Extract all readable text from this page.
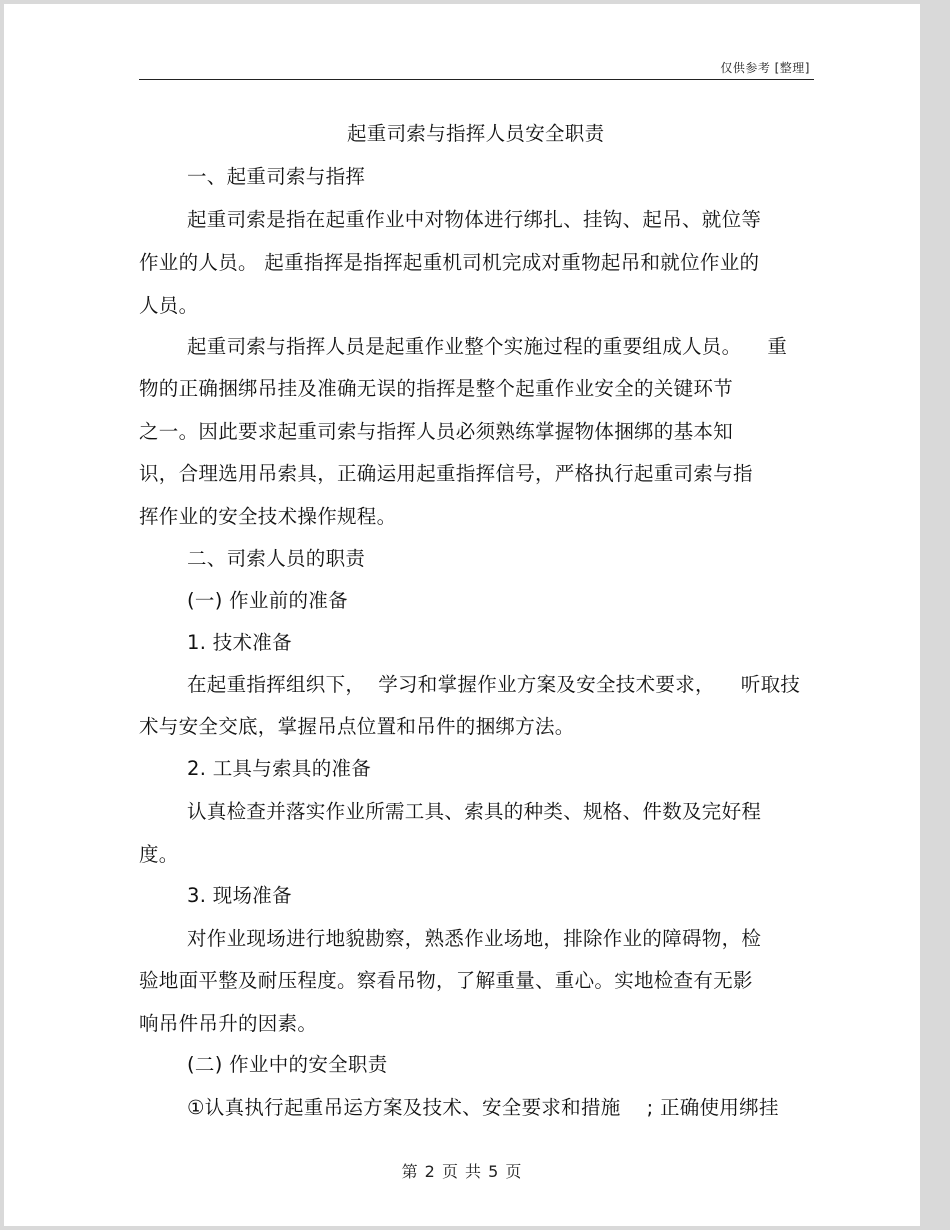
仅供参考 [整理]
起重司索与指挥人员安全职责
一、起重司索与指挥
起重司索是指在起重作业中对物体进行绑扎、挂钩、起吊、就位等
作业的人员。 起重指挥是指挥起重机司机完成对重物起吊和就位作业的
人员。
起重司索与指挥人员是起重作业整个实施过程的重要组成人员。    重
物的正确捆绑吊挂及准确无误的指挥是整个起重作业安全的关键环节
之一。因此要求起重司索与指挥人员必须熟练掌握物体捆绑的基本知
识，合理选用吊索具，正确运用起重指挥信号，严格执行起重司索与指
挥作业的安全技术操作规程。
二、司索人员的职责
(一) 作业前的准备
1. 技术准备
在起重指挥组织下，  学习和掌握作业方案及安全技术要求，    听取技
术与安全交底，掌握吊点位置和吊件的捆绑方法。
2. 工具与索具的准备
认真检查并落实作业所需工具、索具的种类、规格、件数及完好程
度。
3. 现场准备
对作业现场进行地貌勘察，熟悉作业场地，排除作业的障碍物，检
验地面平整及耐压程度。察看吊物，了解重量、重心。实地检查有无影
响吊件吊升的因素。
(二) 作业中的安全职责
①认真执行起重吊运方案及技术、安全要求和措施    ; 正确使用绑挂
第 2 页 共 5 页
